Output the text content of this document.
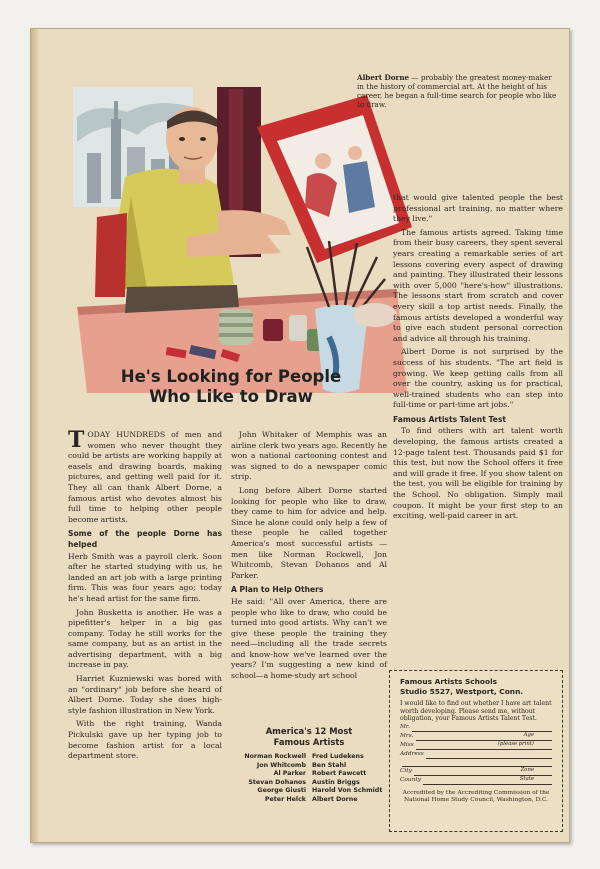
Albert Dorne — probably the greatest money-maker in the history of commercial art. At the height of his career, he began a full-time search for people who like to draw.
He's Looking for People
Who Like to Draw

TODAY HUNDREDS of men and women who never thought they could be artists are working happily at easels and drawing boards, making pictures, and getting well paid for it. They all can thank Albert Dorne, a famous artist who devotes almost his full time to helping other people become artists.

Some of the people Dorne has helped

Herb Smith was a payroll clerk. Soon after he started studying with us, he landed an art job with a large printing firm. This was four years ago; today he's head artist for the same firm.

John Busketta is another. He was a pipefitter's helper in a big gas company. Today he still works for the same company, but as an artist in the advertising department, with a big increase in pay.

Harriet Kuzniewski was bored with an "ordinary" job before she heard of Albert Dorne. Today she does high-style fashion illustration in New York.

With the right training, Wanda Pickulski gave up her typing job to become fashion artist for a local department store.

John Whitaker of Memphis was an airline clerk two years ago. Recently he won a national cartooning contest and was signed to do a newspaper comic strip.

Long before Albert Dorne started looking for people who like to draw, they came to him for advice and help. Since he alone could only help a few of these people he called together America's most successful artists —men like Norman Rockwell, Jon Whitcomb, Stevan Dohanos and Al Parker.

A Plan to Help Others

He said: "All over America, there are people who like to draw, who could be turned into good artists. Why can't we give these people the training they need—including all the trade secrets and know-how we've learned over the years? I'm suggesting a new kind of school—a home-study art school

America's 12 Most
Famous Artists
Norman Rockwell Fred Ludekens
Jon Whitcomb Ben Stahl
Al Parker Robert Fawcett
Stevan Dohanos Austin Briggs
George Giusti Harold Von Schmidt
Peter Helck Albert Dorne

that would give talented people the best professional art training, no matter where they live."

The famous artists agreed. Taking time from their busy careers, they spent several years creating a remarkable series of art lessons covering every aspect of drawing and painting. They illustrated their lessons with over 5,000 "here's-how" illustrations. The lessons start from scratch and cover every skill a top artist needs. Finally, the famous artists developed a wonderful way to give each student personal correction and advice all through his training.

Albert Dorne is not surprised by the success of his students. "The art field is growing. We keep getting calls from all over the country, asking us for practical, well-trained students who can step into full-time or part-time art jobs."

Famous Artists Talent Test

To find others with art talent worth developing, the famous artists created a 12-page talent test. Thousands paid $1 for this test, but now the School offers it free and will grade it free. If you show talent on the test, you will be eligible for training by the School. No obligation. Simply mail coupon. It might be your first step to an exciting, well-paid career in art.

Famous Artists Schools
Studio 5527, Westport, Conn.
I would like to find out whether I have art talent worth developing. Please send me, without obligation, your Famous Artists Talent Test.
Mr.
Mrs.	Age
Miss	(please print)
Address
City	Zone
County	State
Accredited by the Accrediting Commission of the National Home Study Council, Washington, D.C.
